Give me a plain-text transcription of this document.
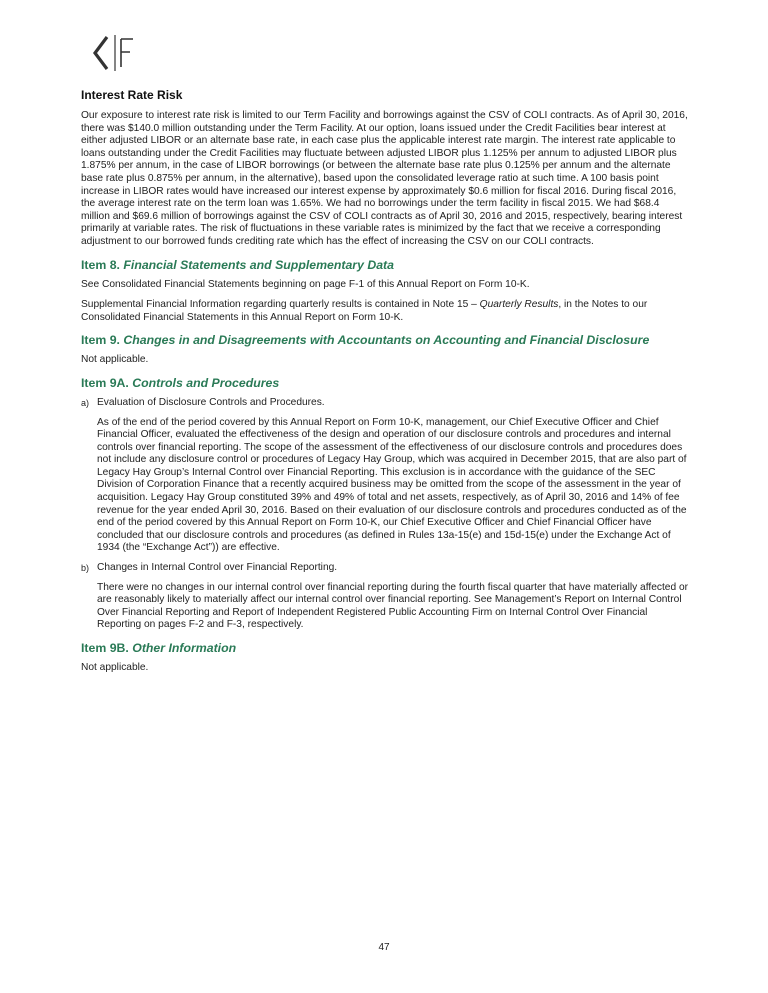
Interest Rate Risk

Our exposure to interest rate risk is limited to our Term Facility and borrowings against the CSV of COLI contracts. As of April 30, 2016, there was $140.0 million outstanding under the Term Facility. At our option, loans issued under the Credit Facilities bear interest at either adjusted LIBOR or an alternate base rate, in each case plus the applicable interest rate margin. The interest rate applicable to loans outstanding under the Credit Facilities may fluctuate between adjusted LIBOR plus 1.125% per annum to adjusted LIBOR plus 1.875% per annum, in the case of LIBOR borrowings (or between the alternate base rate plus 0.125% per annum and the alternate base rate plus 0.875% per annum, in the alternative), based upon the consolidated leverage ratio at such time. A 100 basis point increase in LIBOR rates would have increased our interest expense by approximately $0.6 million for fiscal 2016. During fiscal 2016, the average interest rate on the term loan was 1.65%. We had no borrowings under the term facility in fiscal 2015. We had $68.4 million and $69.6 million of borrowings against the CSV of COLI contracts as of April 30, 2016 and 2015, respectively, bearing interest primarily at variable rates. The risk of fluctuations in these variable rates is minimized by the fact that we receive a corresponding adjustment to our borrowed funds crediting rate which has the effect of increasing the CSV on our COLI contracts.

Item 8. Financial Statements and Supplementary Data

See Consolidated Financial Statements beginning on page F-1 of this Annual Report on Form 10-K.

Supplemental Financial Information regarding quarterly results is contained in Note 15 – Quarterly Results, in the Notes to our Consolidated Financial Statements in this Annual Report on Form 10-K.

Item 9. Changes in and Disagreements with Accountants on Accounting and Financial Disclosure

Not applicable.

Item 9A. Controls and Procedures
a) Evaluation of Disclosure Controls and Procedures.

As of the end of the period covered by this Annual Report on Form 10-K, management, our Chief Executive Officer and Chief Financial Officer, evaluated the effectiveness of the design and operation of our disclosure controls and procedures and internal controls over financial reporting. The scope of the assessment of the effectiveness of our disclosure controls and procedures does not include any disclosure control or procedures of Legacy Hay Group, which was acquired in December 2015, that are also part of Legacy Hay Group’s Internal Control over Financial Reporting. This exclusion is in accordance with the guidance of the SEC Division of Corporation Finance that a recently acquired business may be omitted from the scope of the assessment in the year of acquisition. Legacy Hay Group constituted 39% and 49% of total and net assets, respectively, as of April 30, 2016 and 14% of fee revenue for the year ended April 30, 2016. Based on their evaluation of our disclosure controls and procedures conducted as of the end of the period covered by this Annual Report on Form 10-K, our Chief Executive Officer and Chief Financial Officer have concluded that our disclosure controls and procedures (as defined in Rules 13a-15(e) and 15d-15(e) under the Exchange Act of 1934 (the “Exchange Act”)) are effective.

b) Changes in Internal Control over Financial Reporting.

There were no changes in our internal control over financial reporting during the fourth fiscal quarter that have materially affected or are reasonably likely to materially affect our internal control over financial reporting. See Management’s Report on Internal Control Over Financial Reporting and Report of Independent Registered Public Accounting Firm on Internal Control Over Financial Reporting on pages F-2 and F-3, respectively.

Item 9B. Other Information

Not applicable.

47
